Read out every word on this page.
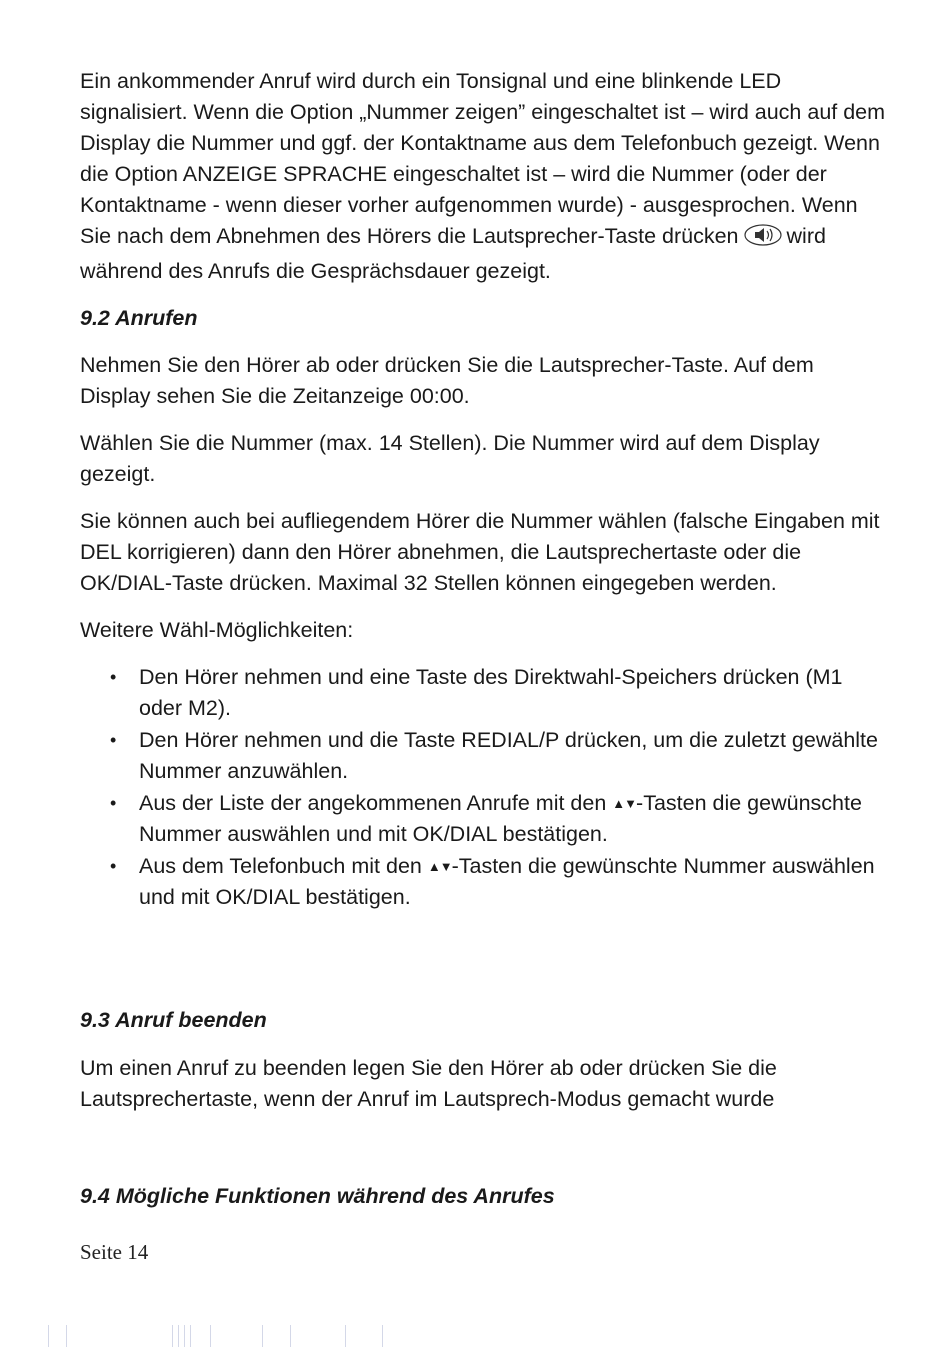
Ein ankommender Anruf wird durch ein Tonsignal und eine blinkende LED signalisiert. Wenn die Option „Nummer zeigen” eingeschaltet ist – wird auch auf dem Display die Nummer und ggf. der Kontaktname aus dem Telefonbuch gezeigt. Wenn die Option ANZEIGE SPRACHE eingeschaltet ist – wird die Nummer (oder der Kontaktname - wenn dieser vorher aufgenommen wurde) - ausgesprochen. Wenn Sie nach dem Abnehmen des Hörers die Lautsprecher-Taste drücken wird während des Anrufs die Gesprächsdauer gezeigt.

9.2 Anrufen

Nehmen Sie den Hörer ab oder drücken Sie die Lautsprecher-Taste. Auf dem Display sehen Sie die Zeitanzeige 00:00.

Wählen Sie die Nummer (max. 14 Stellen). Die Nummer wird auf dem Display gezeigt.

Sie können auch bei aufliegendem Hörer die Nummer wählen (falsche Eingaben mit DEL korrigieren) dann den Hörer abnehmen, die Lautsprechertaste oder die OK/DIAL-Taste drücken. Maximal 32 Stellen können eingegeben werden.

Weitere Wähl-Möglichkeiten:

• Den Hörer nehmen und eine Taste des Direktwahl-Speichers drücken (M1 oder M2).
• Den Hörer nehmen und die Taste REDIAL/P drücken, um die zuletzt gewählte Nummer anzuwählen.
• Aus der Liste der angekommenen Anrufe mit den ▲▼-Tasten die gewünschte Nummer auswählen und mit OK/DIAL bestätigen.
• Aus dem Telefonbuch mit den ▲▼-Tasten die gewünschte Nummer auswählen und mit OK/DIAL bestätigen.
9.3 Anruf beenden

Um einen Anruf zu beenden legen Sie den Hörer ab oder drücken Sie die Lautsprechertaste, wenn der Anruf im Lautsprech-Modus gemacht wurde

9.4 Mögliche Funktionen während des Anrufes
Seite 14
